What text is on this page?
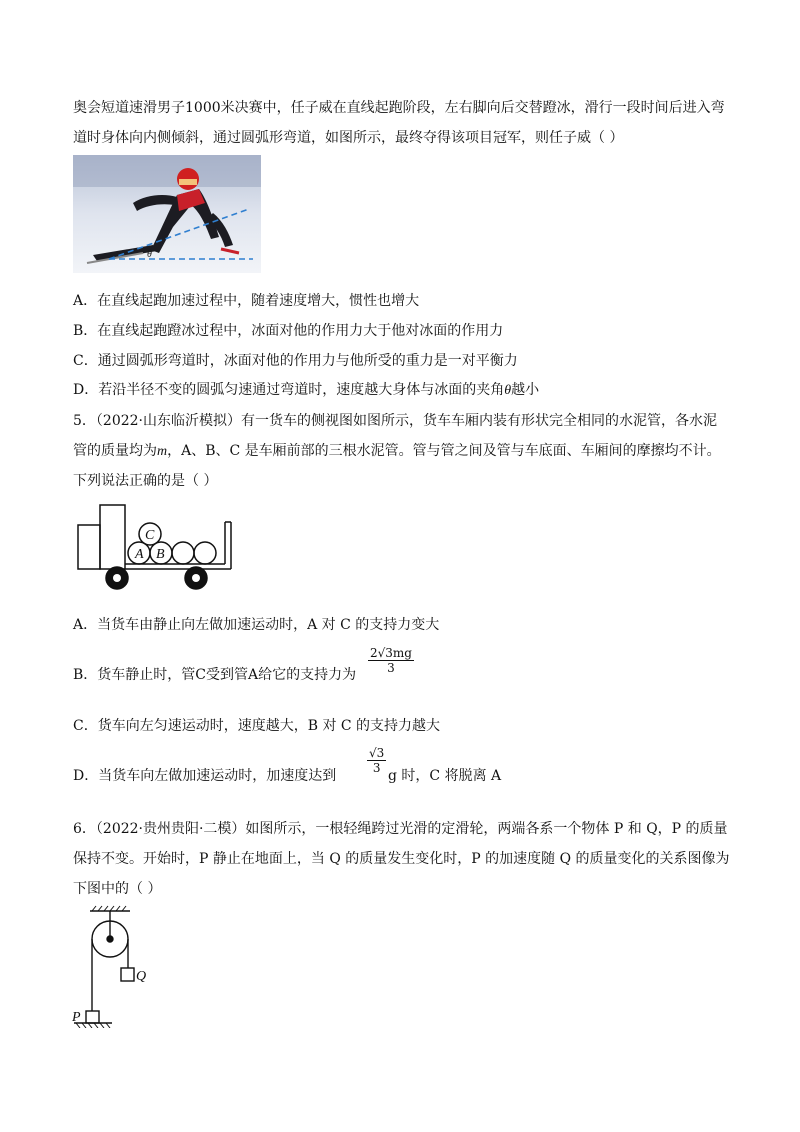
奥会短道速滑男子1000米决赛中，任子威在直线起跑阶段，左右脚向后交替蹬冰，滑行一段时间后进入弯
道时身体向内侧倾斜，通过圆弧形弯道，如图所示，最终夺得该项目冠军，则任子威（ ）
θ
A．在直线起跑加速过程中，随着速度增大，惯性也增大
B．在直线起跑蹬冰过程中，冰面对他的作用力大于他对冰面的作用力
C．通过圆弧形弯道时，冰面对他的作用力与他所受的重力是一对平衡力
D．若沿半径不变的圆弧匀速通过弯道时，速度越大身体与冰面的夹角θ越小
5．（2022·山东临沂模拟）有一货车的侧视图如图所示，货车车厢内装有形状完全相同的水泥管，各水泥
管的质量均为m，A、B、C 是车厢前部的三根水泥管。管与管之间及管与车底面、车厢间的摩擦均不计。
下列说法正确的是（ ）
A B
C
A．当货车由静止向左做加速运动时，A 对 C 的支持力变大
B．货车静止时，管C受到管A给它的支持力为 $\frac{2√3mg}{3}$
C．货车向左匀速运动时，速度越大，B 对 C 的支持力越大
D．当货车向左做加速运动时，加速度达到
$\frac{√3}{3}$
g 时，C 将脱离 A
6．（2022·贵州贵阳·二模）如图所示，一根轻绳跨过光滑的定滑轮，两端各系一个物体 P 和 Q，P 的质量
保持不变。开始时，P 静止在地面上，当 Q 的质量发生变化时，P 的加速度随 Q 的质量变化的关系图像为
下图中的（ ）
Q
P
